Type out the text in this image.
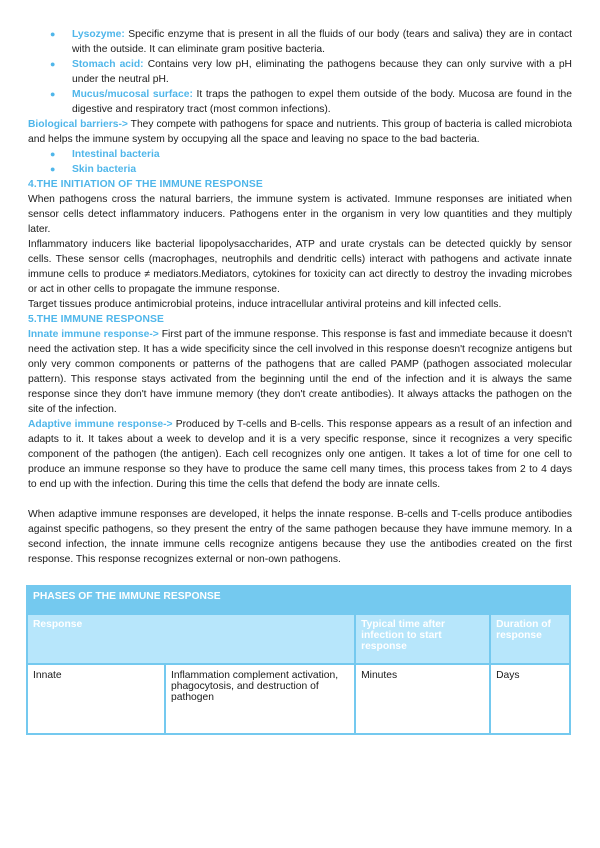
● Lysozyme: Specific enzyme that is present in all the fluids of our body (tears and saliva) they are in contact with the outside. It can eliminate gram positive bacteria.
● Stomach acid: Contains very low pH, eliminating the pathogens because they can only survive with a pH under the neutral pH.
● Mucus/mucosal surface: It traps the pathogen to expel them outside of the body. Mucosa are found in the digestive and respiratory tract (most common infections).

Biological barriers-> They compete with pathogens for space and nutrients. This group of bacteria is called microbiota and helps the immune system by occupying all the space and leaving no space to the bad bacteria.

● Intestinal bacteria
● Skin bacteria
4.THE INITIATION OF THE IMMUNE RESPONSE

When pathogens cross the natural barriers, the immune system is activated. Immune responses are initiated when sensor cells detect inflammatory inducers. Pathogens enter in the organism in very low quantities and they multiply later.

Inflammatory inducers like bacterial lipopolysaccharides, ATP and urate crystals can be detected quickly by sensor cells. These sensor cells (macrophages, neutrophils and dendritic cells) interact with pathogens and activate innate immune cells to produce ≠ mediators.Mediators, cytokines for toxicity can act directly to destroy the invading microbes or act in other cells to propagate the immune response.

Target tissues produce antimicrobial proteins, induce intracellular antiviral proteins and kill infected cells.

5.THE IMMUNE RESPONSE

Innate immune response-> First part of the immune response. This response is fast and immediate because it doesn't need the activation step. It has a wide specificity since the cell involved in this response doesn't recognize antigens but only very common components or patterns of the pathogens that are called PAMP (pathogen associated molecular pattern). This response stays activated from the beginning until the end of the infection and it is always the same response since they don't have immune memory (they don't create antibodies). It always attacks the pathogen on the site of the infection.

Adaptive immune response-> Produced by T-cells and B-cells. This response appears as a result of an infection and adapts to it. It takes about a week to develop and it is a very specific response, since it recognizes a very specific component of the pathogen (the antigen). Each cell recognizes only one antigen. It takes a lot of time for one cell to produce an immune response so they have to produce the same cell many times, this process takes from 2 to 4 days to end up with the infection. During this time the cells that defend the body are innate cells.

When adaptive immune responses are developed, it helps the innate response. B-cells and T-cells produce antibodies against specific pathogens, so they present the entry of the same pathogen because they have immune memory. In a second infection, the innate immune cells recognize antigens because they use the antibodies created on the first response. This response recognizes external or non-own pathogens.

PHASES OF THE IMMUNE RESPONSE			
Response		Typical time after infection to start response	Duration of response
Innate	Inflammation complement activation, phagocytosis, and destruction of pathogen	Minutes	Days
